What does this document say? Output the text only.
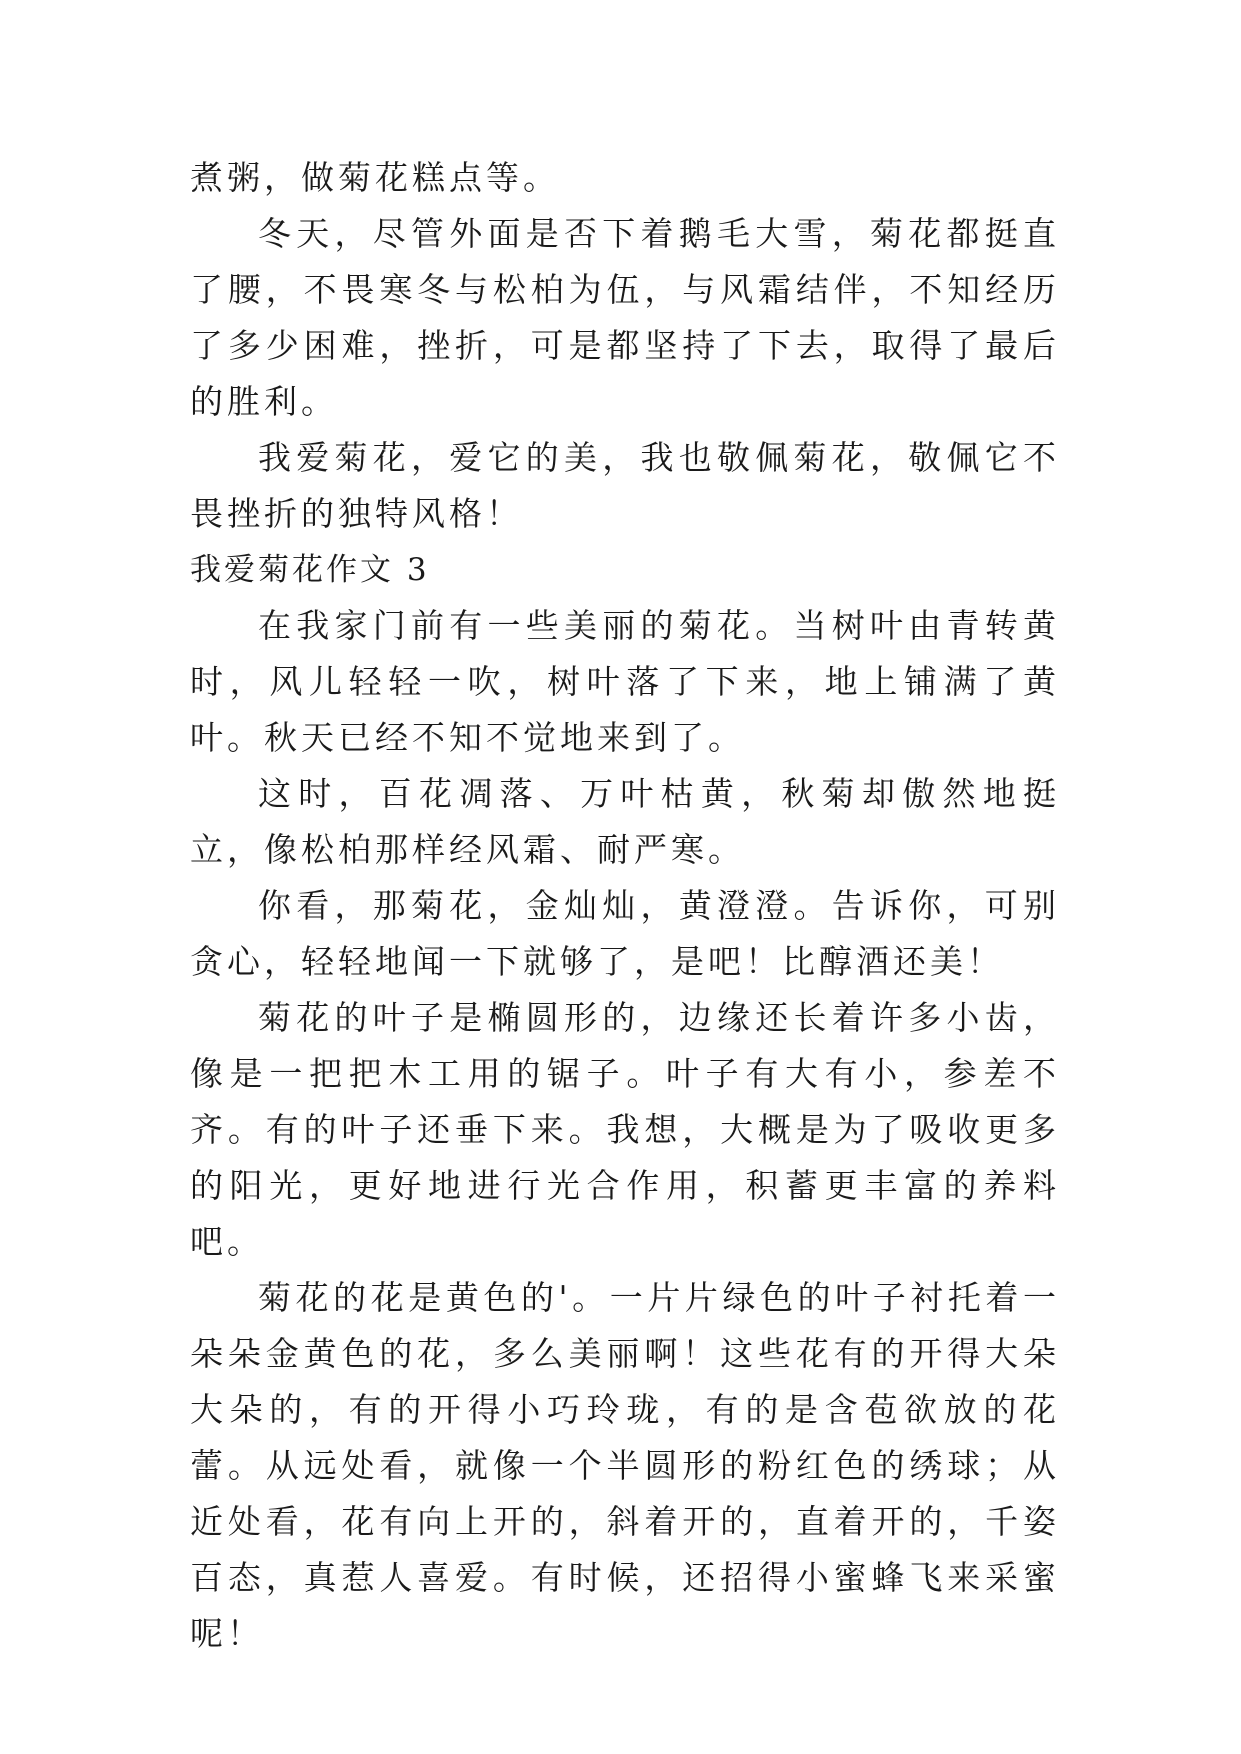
煮粥，做菊花糕点等。

冬天，尽管外面是否下着鹅毛大雪，菊花都挺直了腰，不畏寒冬与松柏为伍，与风霜结伴，不知经历了多少困难，挫折，可是都坚持了下去，取得了最后的胜利。

我爱菊花，爱它的美，我也敬佩菊花，敬佩它不畏挫折的独特风格！

我爱菊花作文 3

在我家门前有一些美丽的菊花。当树叶由青转黄时，风儿轻轻一吹，树叶落了下来，地上铺满了黄叶。秋天已经不知不觉地来到了。

这时，百花凋落、万叶枯黄，秋菊却傲然地挺立，像松柏那样经风霜、耐严寒。

你看，那菊花，金灿灿，黄澄澄。告诉你，可别贪心，轻轻地闻一下就够了，是吧！比醇酒还美！

菊花的叶子是椭圆形的，边缘还长着许多小齿，像是一把把木工用的锯子。叶子有大有小，参差不齐。有的叶子还垂下来。我想，大概是为了吸收更多的阳光，更好地进行光合作用，积蓄更丰富的养料吧。

菊花的花是黄色的'。一片片绿色的叶子衬托着一朵朵金黄色的花，多么美丽啊！这些花有的开得大朵大朵的，有的开得小巧玲珑，有的是含苞欲放的花蕾。从远处看，就像一个半圆形的粉红色的绣球；从近处看，花有向上开的，斜着开的，直着开的，千姿百态，真惹人喜爱。有时候，还招得小蜜蜂飞来采蜜呢！
